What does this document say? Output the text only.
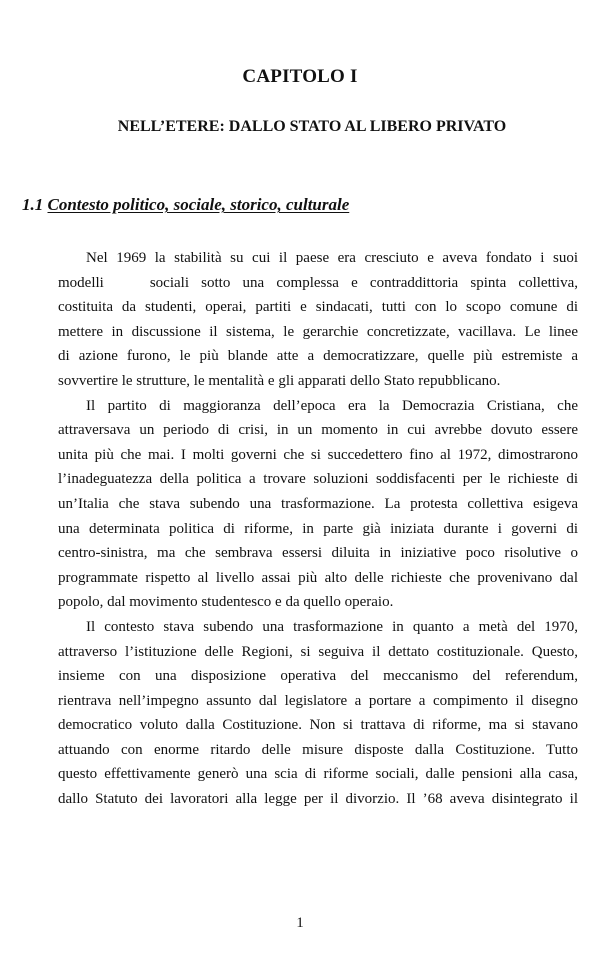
CAPITOLO I
NELL’ETERE: DALLO STATO AL LIBERO PRIVATO
1.1 Contesto politico, sociale, storico, culturale

Nel 1969 la stabilità su cui il paese era cresciuto e aveva fondato i suoi
modelli	sociali sotto una complessa e contraddittoria spinta collettiva,
costituita da studenti, operai, partiti e sindacati, tutti con lo scopo comune di
mettere in discussione il sistema, le gerarchie concretizzate, vacillava. Le linee
di azione furono, le più blande atte a democratizzare, quelle più estremiste a
sovvertire le strutture, le mentalità e gli apparati dello Stato repubblicano.

Il partito di maggioranza dell’epoca era la Democrazia Cristiana, che
attraversava un periodo di crisi, in un momento in cui avrebbe dovuto essere
unita più che mai. I molti governi che si succedettero fino al 1972, dimostrarono
l’inadeguatezza della politica a trovare soluzioni soddisfacenti per le richieste di
un’Italia che stava subendo una trasformazione. La protesta collettiva esigeva
una determinata politica di riforme, in parte già iniziata durante i governi di
centro-sinistra, ma che sembrava essersi diluita in iniziative poco risolutive o
programmate rispetto al livello assai più alto delle richieste che provenivano dal
popolo, dal movimento studentesco e da quello operaio.

Il contesto stava subendo una trasformazione in quanto a metà del 1970,
attraverso l’istituzione delle Regioni, si seguiva il dettato costituzionale. Questo,
insieme con una disposizione operativa del meccanismo del referendum,
rientrava nell’impegno assunto dal legislatore a portare a compimento il disegno
democratico voluto dalla Costituzione. Non si trattava di riforme, ma si stavano
attuando con enorme ritardo delle misure disposte dalla Costituzione. Tutto
questo effettivamente generò una scia di riforme sociali, dalle pensioni alla casa,
dallo Statuto dei lavoratori alla legge per il divorzio. Il ’68 aveva disintegrato il

1
